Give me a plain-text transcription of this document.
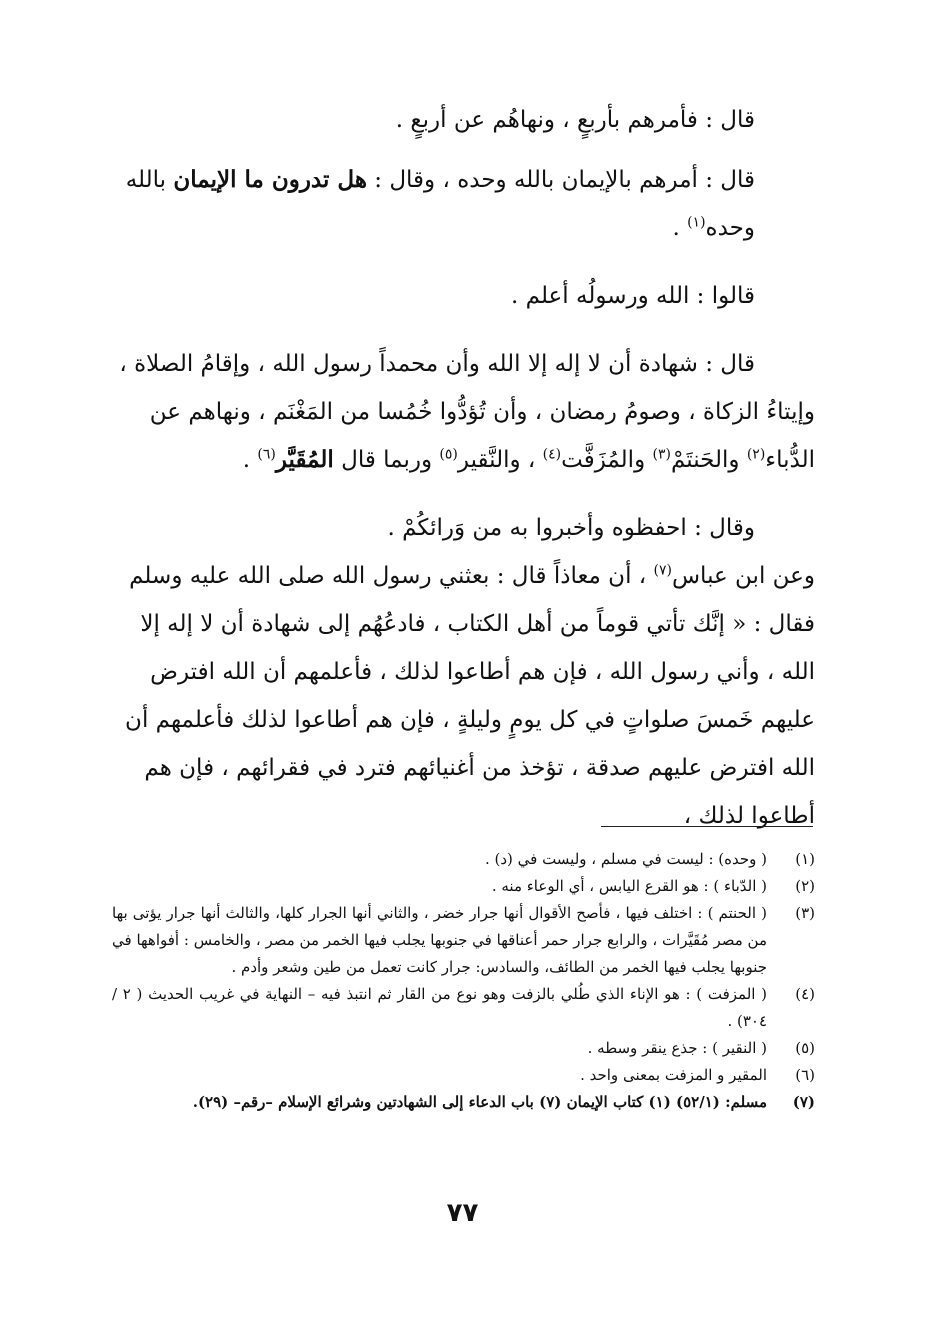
قال : فأمرهم بأربعٍ ، ونهاهُم عن أربعٍ .

قال : أمرهم بالإيمان بالله وحده ، وقال : هل تدرون ما الإيمان بالله وحده$^{(١)}$ .

قالوا : الله ورسولُه أعلم .

قال : شهادة أن لا إله إلا الله وأن محمداً رسول الله ، وإقامُ الصلاة ، وإيتاءُ الزكاة ، وصومُ رمضان ، وأن تُؤدُّوا خُمُسا من المَغْنَم ، ونهاهم عن الدُّباء$^{(٢)}$ والحَنتَمْ$^{(٣)}$ والمُزَفَّت$^{(٤)}$ ، والنَّقير$^{(٥)}$ وربما قال المُقَيَّر$^{(٦)}$ .

وقال : احفظوه وأخبروا به من وَرائكُمْ .

وعن ابن عباس$^{(٧)}$ ، أن معاذاً قال : بعثني رسول الله صلى الله عليه وسلم فقال : « إنَّك تأتي قوماً من أهل الكتاب ، فادعُهُم إلى شهادة أن لا إله إلا الله ، وأني رسول الله ، فإن هم أطاعوا لذلك ، فأعلمهم أن الله افترض عليهم خَمسَ صلواتٍ في كل يومٍ وليلةٍ ، فإن هم أطاعوا لذلك فأعلمهم أن الله افترض عليهم صدقة ، تؤخذ من أغنيائهم فترد في فقرائهم ، فإن هم أطاعوا لذلك ،

(١)
( وحده) : ليست في مسلم ، وليست في (د) .
(٢)
( الدّباء ) : هو القرع اليابس ، أي الوعاء منه .
(٣)
( الحنتم ) : اختلف فيها ، فأصح الأقوال أنها جرار خضر ، والثاني أنها الجرار كلها، والثالث أنها جرار يؤتى بها من مصر مُقَيَّرات ، والرابع جرار حمر أعناقها في جنوبها يجلب فيها الخمر من مصر ، والخامس : أفواهها في جنوبها يجلب فيها الخمر من الطائف، والسادس: جرار كانت تعمل من طين وشعر وأدم .
(٤)
( المزفت ) : هو الإناء الذي طُلي بالزفت وهو نوع من القار ثم انتبذ فيه – النهاية في غريب الحديث ( ٢ / ٣٠٤) .
(٥)
( النقير ) : جذع ينقر وسطه .
(٦)
المقير و المزفت بمعنى واحد .
(٧)
مسلم: (٥٢/١) (١) كتاب الإيمان (٧) باب الدعاء إلى الشهادتين وشرائع الإسلام –رقم– (٢٩).
٧٧
